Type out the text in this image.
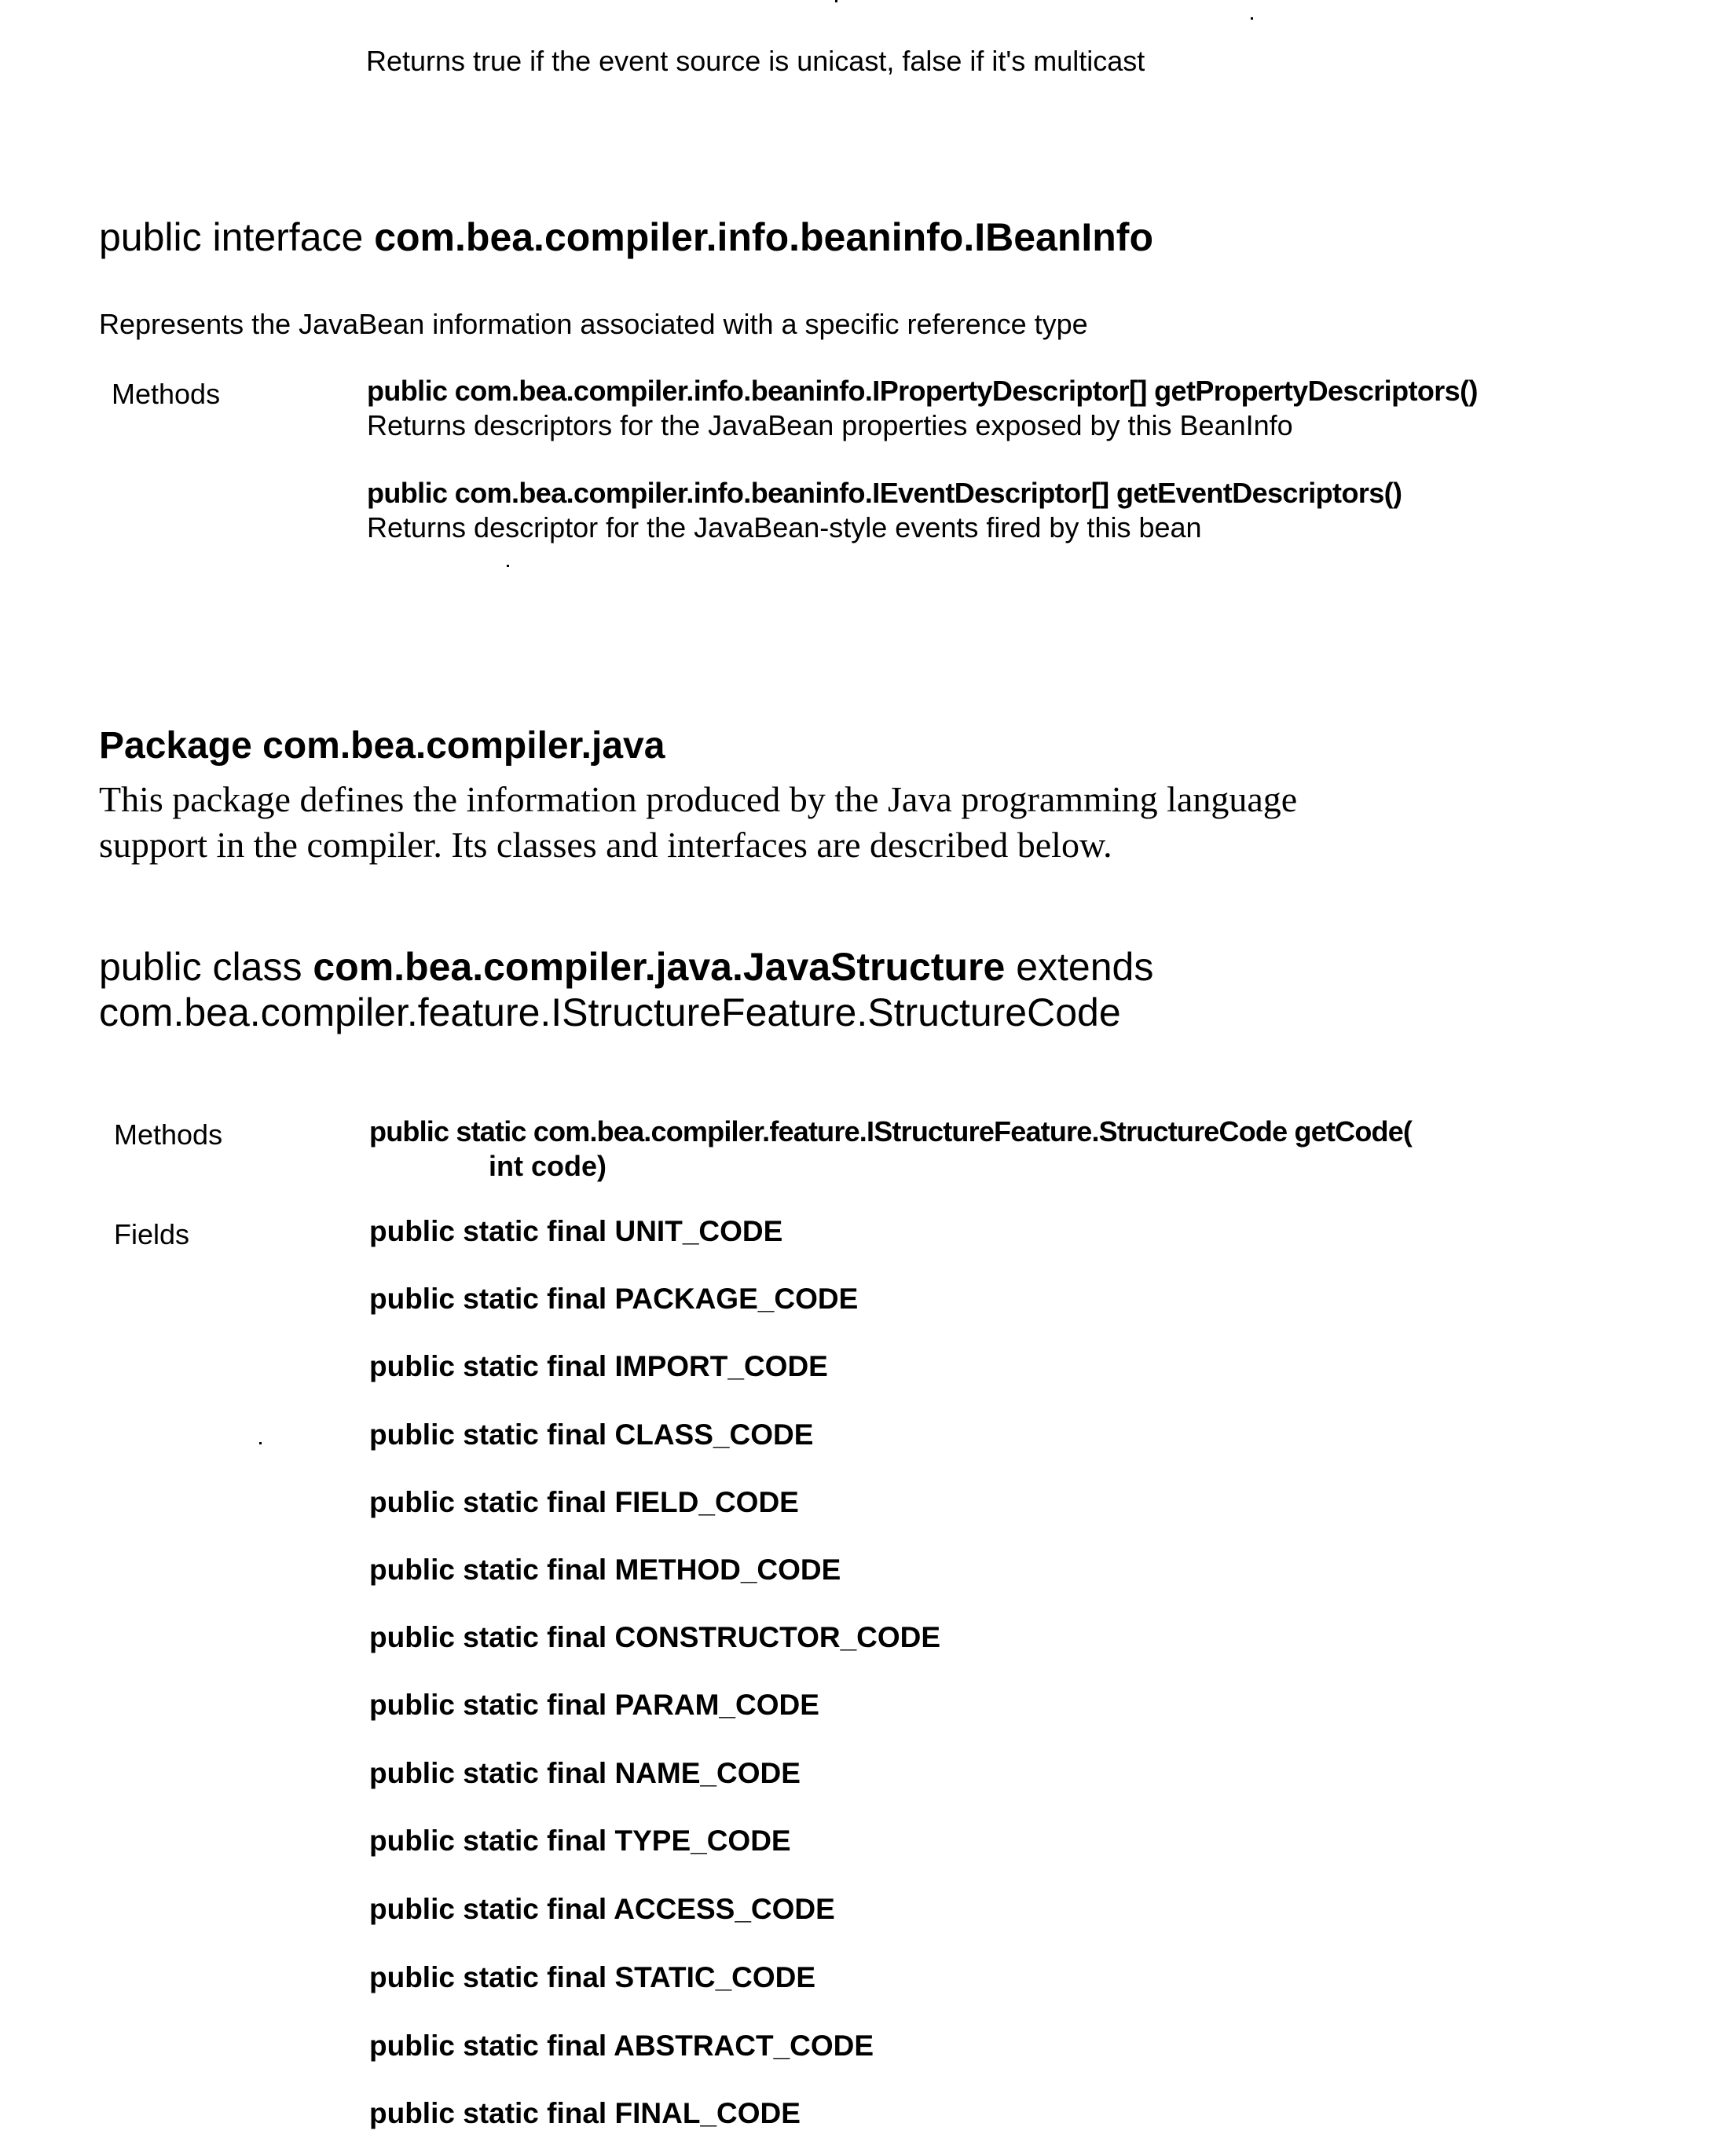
Returns true if the event source is unicast, false if it's multicast
public interface com.bea.compiler.info.beaninfo.IBeanInfo
Represents the JavaBean information associated with a specific reference type
Methods	public com.bea.compiler.info.beaninfo.IPropertyDescriptor[] getPropertyDescriptors()
Returns descriptors for the JavaBean properties exposed by this BeanInfo
public com.bea.compiler.info.beaninfo.IEventDescriptor[] getEventDescriptors()
Returns descriptor for the JavaBean-style events fired by this bean
Package com.bea.compiler.java
This package defines the information produced by the Java programming language
support in the compiler. Its classes and interfaces are described below.
public class com.bea.compiler.java.JavaStructure extends
com.bea.compiler.feature.IStructureFeature.StructureCode
Methods	public static com.bea.compiler.feature.IStructureFeature.StructureCode getCode(
int code)
Fields	public static final UNIT_CODE
public static final PACKAGE_CODE
public static final IMPORT_CODE
public static final CLASS_CODE
public static final FIELD_CODE
public static final METHOD_CODE
public static final CONSTRUCTOR_CODE
public static final PARAM_CODE
public static final NAME_CODE
public static final TYPE_CODE
public static final ACCESS_CODE
public static final STATIC_CODE
public static final ABSTRACT_CODE
public static final FINAL_CODE
